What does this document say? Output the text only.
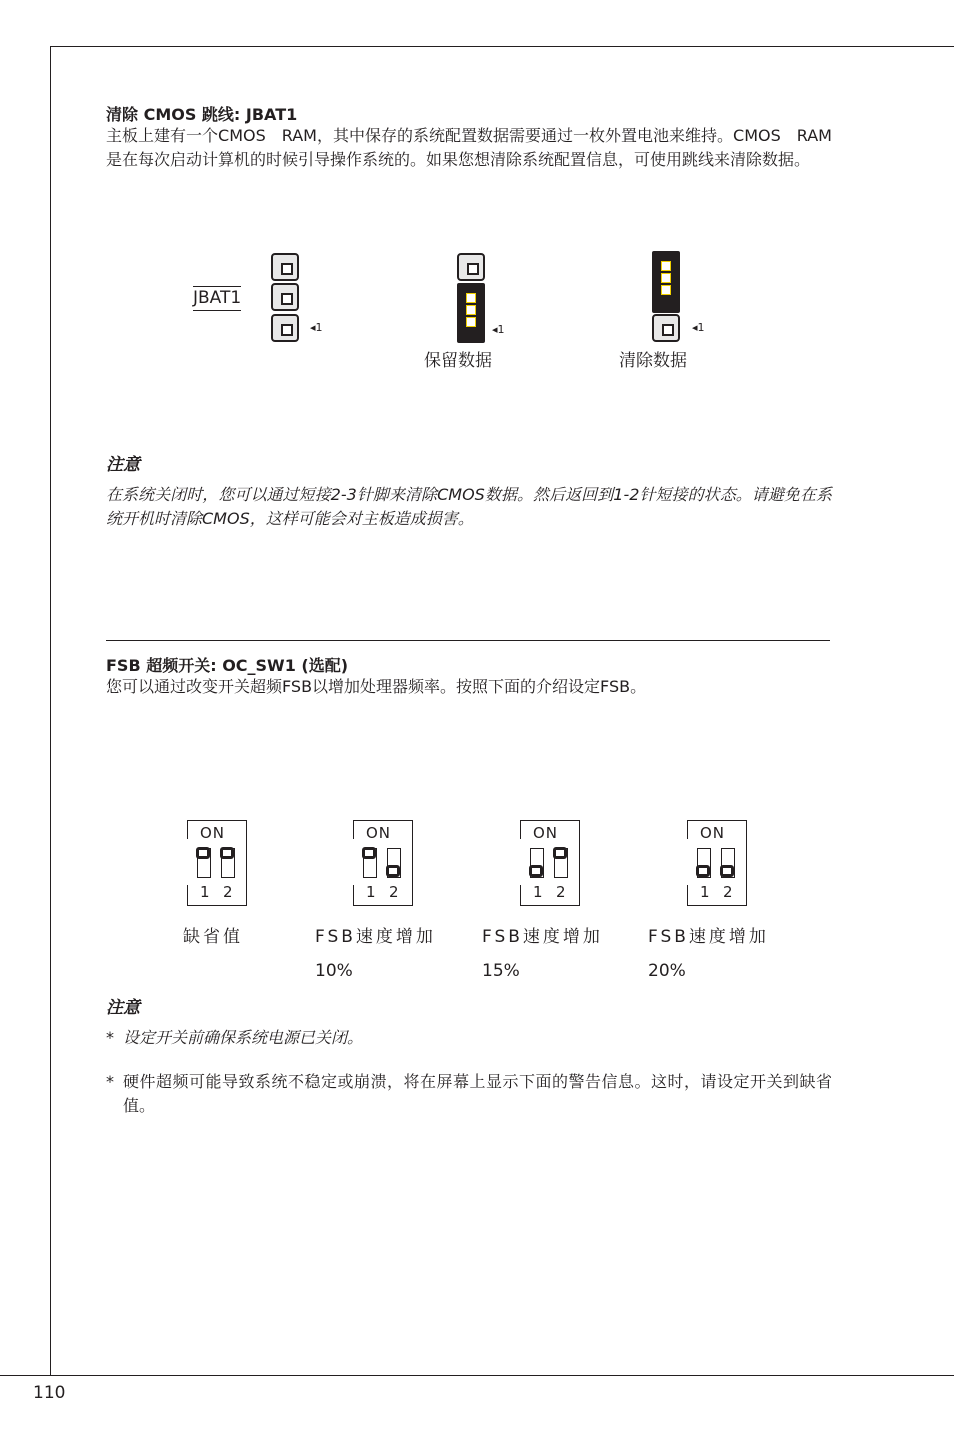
清除 CMOS 跳线: JBAT1
主板上建有一个CMOS　RAM，其中保存的系统配置数据需要通过一枚外置电池来维持。CMOS　RAM是在每次启动计算机的时候引导操作系统的。如果您想清除系统配置信息，可使用跳线来清除数据。
JBAT1
◂1	◂1
保留数据
◂1
清除数据
注意
在系统关闭时，您可以通过短接2-3针脚来清除CMOS数据。然后返回到1-2针短接的状态。请避免在系统开机时清除CMOS，这样可能会对主板造成损害。
FSB 超频开关: OC_SW1 (选配)
您可以通过改变开关超频FSB以增加处理器频率。按照下面的介绍设定FSB。
ON
1 2
缺省值
ON
1 2
FSB速度增加
10%
ON
1 2
FSB速度增加
15%
ON
1 2
FSB速度增加
20%
注意
* 设定开关前确保系统电源已关闭。
* 硬件超频可能导致系统不稳定或崩溃，将在屏幕上显示下面的警告信息。这时，请设定开关到缺省值。
110
